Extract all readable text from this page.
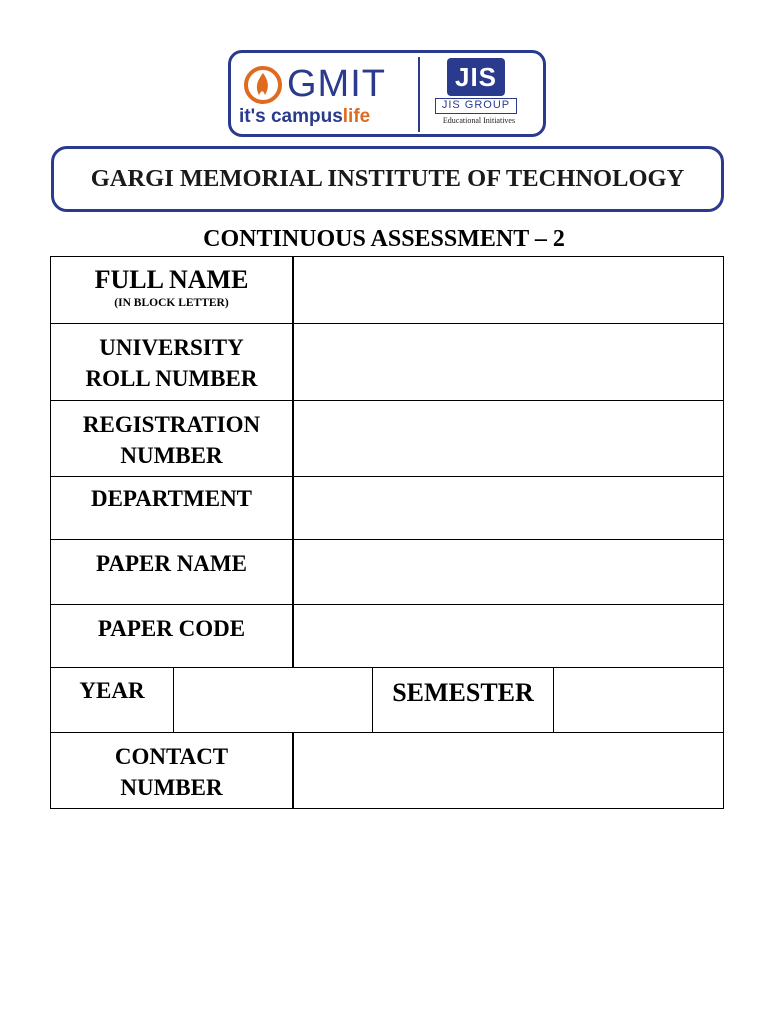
GMIT
it's campuslife
JIS
JIS GROUP
Educational Initiatives
GARGI MEMORIAL INSTITUTE OF TECHNOLOGY
CONTINUOUS ASSESSMENT – 2
FULL NAME
(IN BLOCK LETTER)
UNIVERSITY
ROLL NUMBER
REGISTRATION
NUMBER
DEPARTMENT
PAPER NAME
PAPER CODE
YEAR	SEMESTER
CONTACT
NUMBER
